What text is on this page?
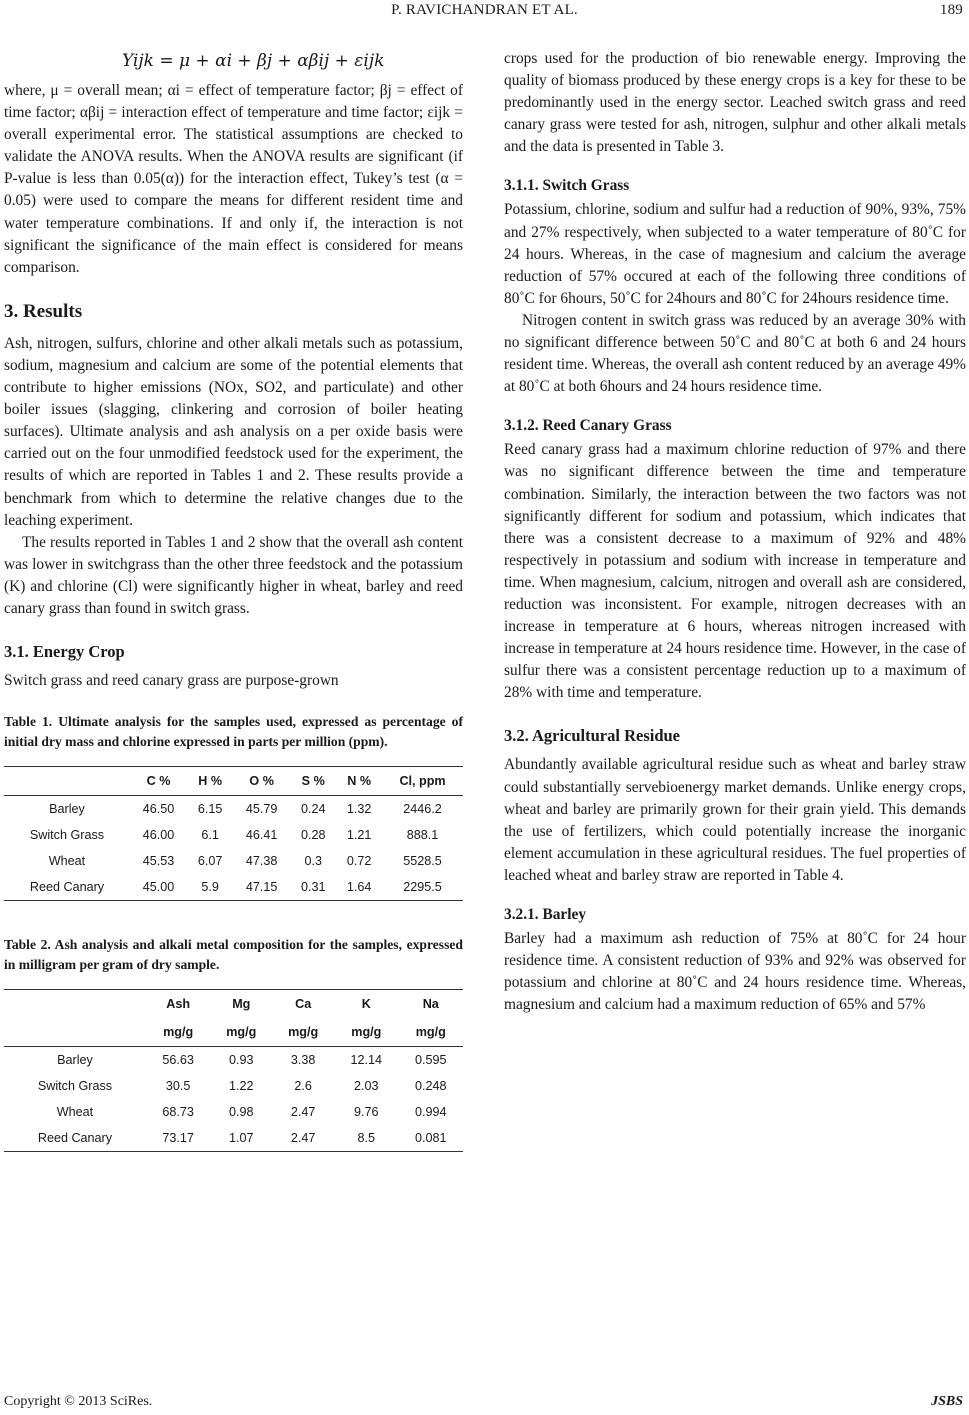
P. RAVICHANDRAN ET AL.	189
Yijk = μ + αi + βj + αβij + εijk

where, μ = overall mean; αi = effect of temperature factor; βj = effect of time factor; αβij = interaction effect of temperature and time factor; εijk = overall experimental error. The statistical assumptions are checked to validate the ANOVA results. When the ANOVA results are significant (if P-value is less than 0.05(α)) for the interaction effect, Tukey’s test (α = 0.05) were used to compare the means for different resident time and water temperature combinations. If and only if, the interaction is not significant the significance of the main effect is considered for means comparison.

3. Results

Ash, nitrogen, sulfurs, chlorine and other alkali metals such as potassium, sodium, magnesium and calcium are some of the potential elements that contribute to higher emissions (NOx, SO2, and particulate) and other boiler issues (slagging, clinkering and corrosion of boiler heating surfaces). Ultimate analysis and ash analysis on a per oxide basis were carried out on the four unmodified feedstock used for the experiment, the results of which are reported in Tables 1 and 2. These results provide a benchmark from which to determine the relative changes due to the leaching experiment.

The results reported in Tables 1 and 2 show that the overall ash content was lower in switchgrass than the other three feedstock and the potassium (K) and chlorine (Cl) were significantly higher in wheat, barley and reed canary grass than found in switch grass.

3.1. Energy Crop

Switch grass and reed canary grass are purpose-grown

Table 1. Ultimate analysis for the samples used, expressed as percentage of initial dry mass and chlorine expressed in parts per million (ppm).
	C %	H %	O %	S %	N %	Cl, ppm
Barley	46.50	6.15	45.79	0.24	1.32	2446.2
Switch Grass	46.00	6.1	46.41	0.28	1.21	888.1
Wheat	45.53	6.07	47.38	0.3	0.72	5528.5
Reed Canary	45.00	5.9	47.15	0.31	1.64	2295.5
Table 2. Ash analysis and alkali metal composition for the samples, expressed in milligram per gram of dry sample.
	Ash	Mg	Ca	K	Na
	mg/g	mg/g	mg/g	mg/g	mg/g
Barley	56.63	0.93	3.38	12.14	0.595
Switch Grass	30.5	1.22	2.6	2.03	0.248
Wheat	68.73	0.98	2.47	9.76	0.994
Reed Canary	73.17	1.07	2.47	8.5	0.081

crops used for the production of bio renewable energy. Improving the quality of biomass produced by these energy crops is a key for these to be predominantly used in the energy sector. Leached switch grass and reed canary grass were tested for ash, nitrogen, sulphur and other alkali metals and the data is presented in Table 3.

3.1.1. Switch Grass

Potassium, chlorine, sodium and sulfur had a reduction of 90%, 93%, 75% and 27% respectively, when subjected to a water temperature of 80˚C for 24 hours. Whereas, in the case of magnesium and calcium the average reduction of 57% occured at each of the following three conditions of 80˚C for 6hours, 50˚C for 24hours and 80˚C for 24hours residence time.

Nitrogen content in switch grass was reduced by an average 30% with no significant difference between 50˚C and 80˚C at both 6 and 24 hours resident time. Whereas, the overall ash content reduced by an average 49% at 80˚C at both 6hours and 24 hours residence time.

3.1.2. Reed Canary Grass

Reed canary grass had a maximum chlorine reduction of 97% and there was no significant difference between the time and temperature combination. Similarly, the interaction between the two factors was not significantly different for sodium and potassium, which indicates that there was a consistent decrease to a maximum of 92% and 48% respectively in potassium and sodium with increase in temperature and time. When magnesium, calcium, nitrogen and overall ash are considered, reduction was inconsistent. For example, nitrogen decreases with an increase in temperature at 6 hours, whereas nitrogen increased with increase in temperature at 24 hours residence time. However, in the case of sulfur there was a consistent percentage reduction up to a maximum of 28% with time and temperature.

3.2. Agricultural Residue

Abundantly available agricultural residue such as wheat and barley straw could substantially servebioenergy market demands. Unlike energy crops, wheat and barley are primarily grown for their grain yield. This demands the use of fertilizers, which could potentially increase the inorganic element accumulation in these agricultural residues. The fuel properties of leached wheat and barley straw are reported in Table 4.

3.2.1. Barley

Barley had a maximum ash reduction of 75% at 80˚C for 24 hour residence time. A consistent reduction of 93% and 92% was observed for potassium and chlorine at 80˚C and 24 hours residence time. Whereas, magnesium and calcium had a maximum reduction of 65% and 57%

Copyright © 2013 SciRes.	JSBS
